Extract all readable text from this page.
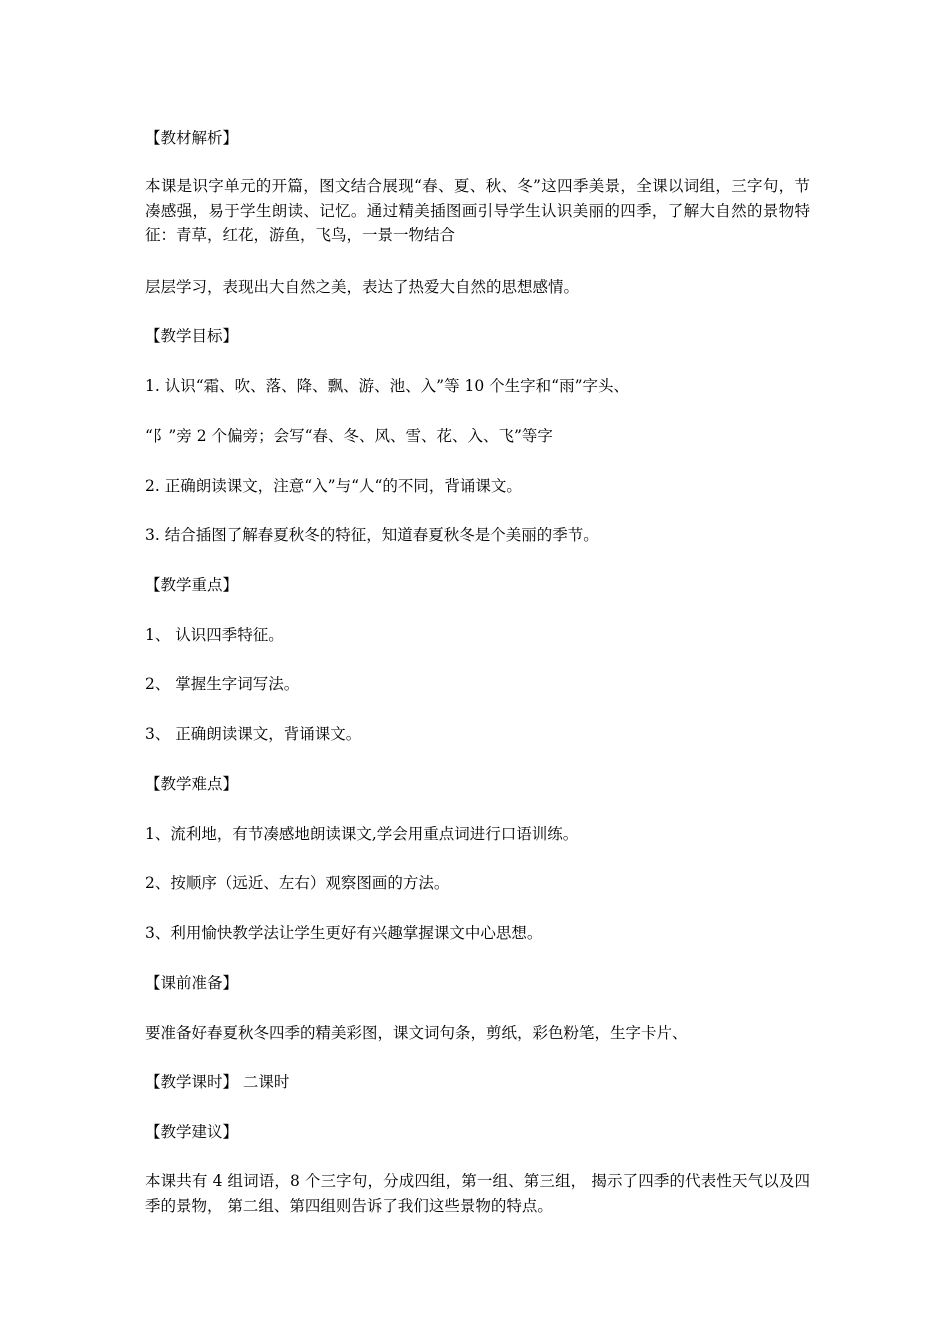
【教材解析】
本课是识字单元的开篇，图文结合展现“春、夏、秋、冬”这四季美景，全课以词组，三字句，节凑感强，易于学生朗读、记忆。通过精美插图画引导学生认识美丽的四季，了解大自然的景物特征：青草，红花，游鱼，飞鸟，一景一物结合
层层学习，表现出大自然之美，表达了热爱大自然的思想感情。
【教学目标】
1. 认识“霜、吹、落、降、飘、游、池、入”等 10 个生字和“雨”字头、
“阝”旁 2 个偏旁；会写“春、冬、风、雪、花、入、飞”等字
2. 正确朗读课文，注意“入”与“人“的不同，背诵课文。
3. 结合插图了解春夏秋冬的特征，知道春夏秋冬是个美丽的季节。
【教学重点】
1、 认识四季特征。
2、 掌握生字词写法。
3、 正确朗读课文，背诵课文。
【教学难点】
1、流利地，有节凑感地朗读课文,学会用重点词进行口语训练。
2、按顺序（远近、左右）观察图画的方法。
3、利用愉快教学法让学生更好有兴趣掌握课文中心思想。
【课前准备】
要准备好春夏秋冬四季的精美彩图，课文词句条，剪纸，彩色粉笔，生字卡片、
【教学课时】 二课时
【教学建议】
本课共有 4 组词语，8 个三字句，分成四组，第一组、第三组， 揭示了四季的代表性天气以及四季的景物， 第二组、第四组则告诉了我们这些景物的特点。
